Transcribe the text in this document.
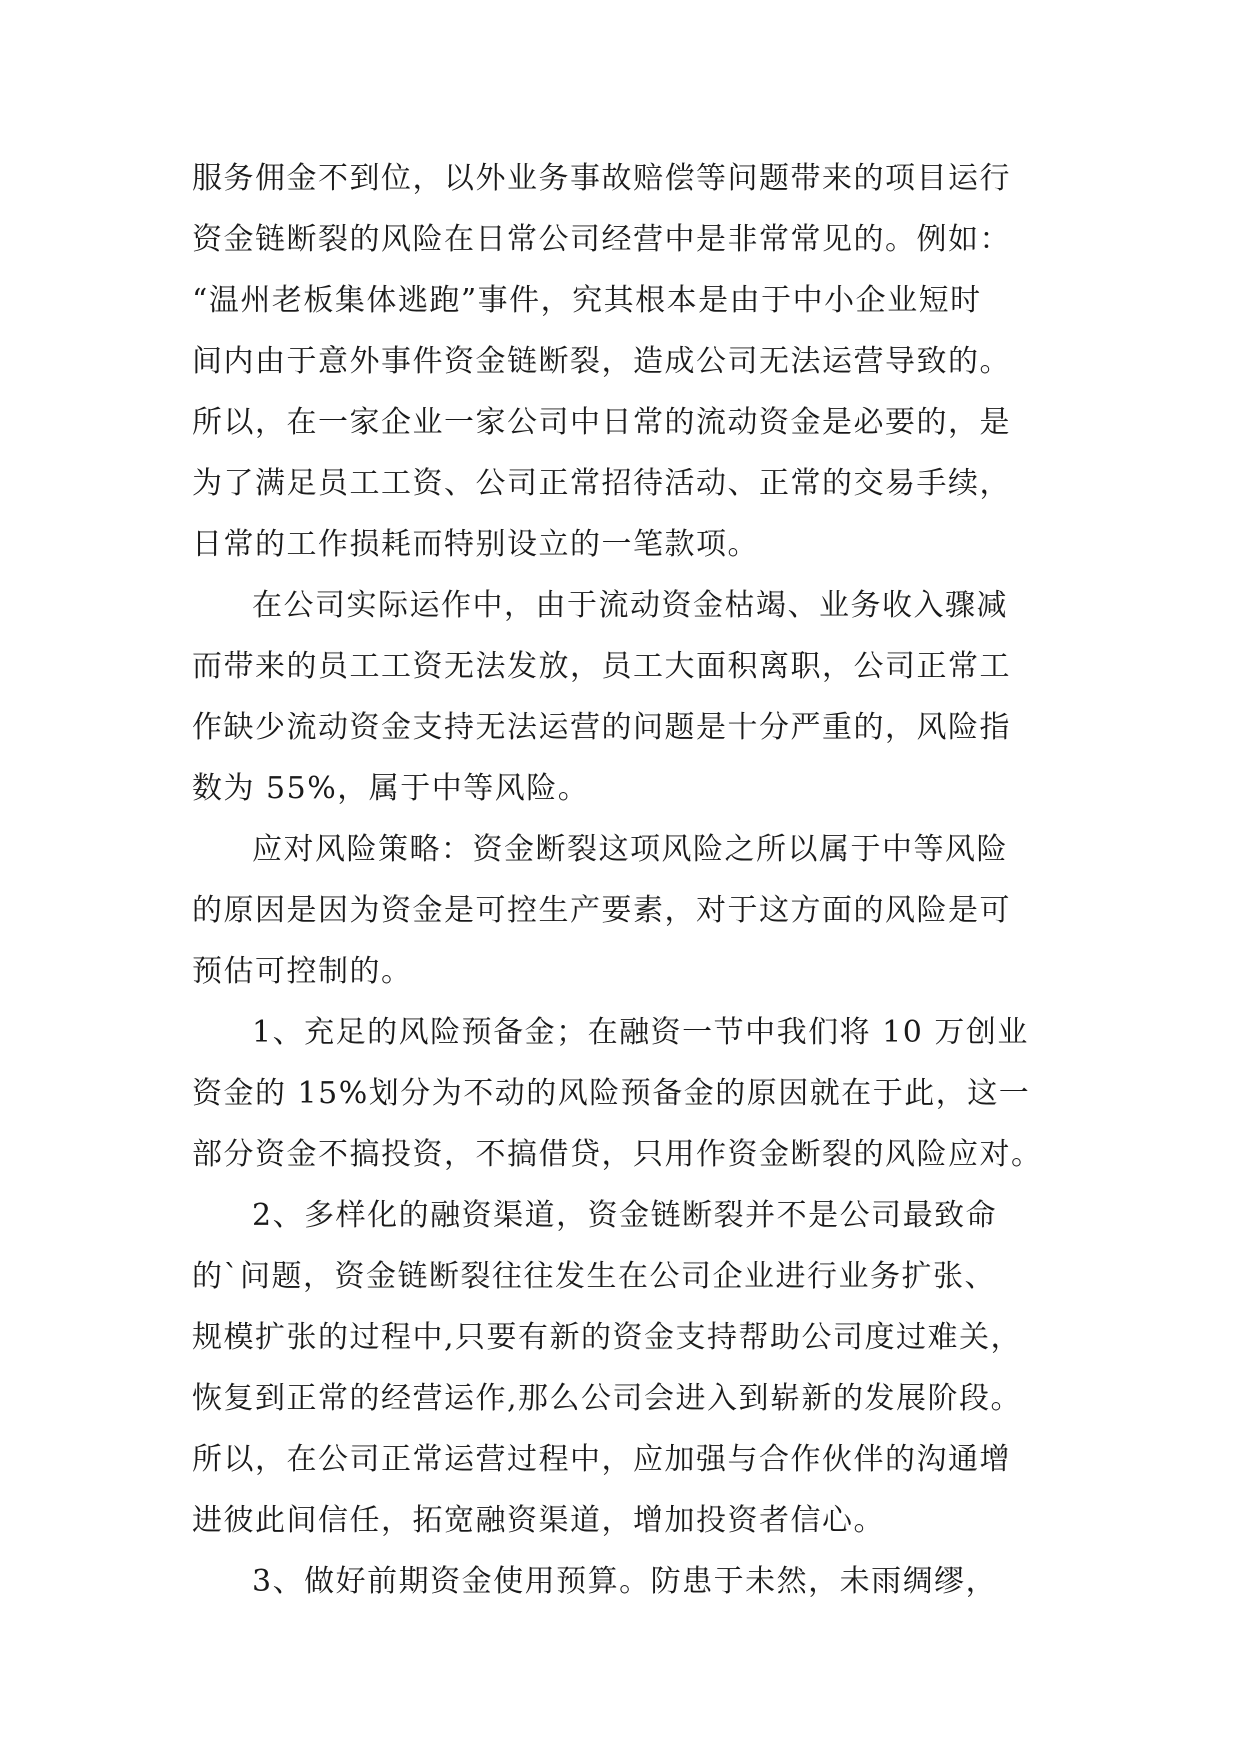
服务佣金不到位，以外业务事故赔偿等问题带来的项目运行
资金链断裂的风险在日常公司经营中是非常常见的。例如：
“温州老板集体逃跑”事件，究其根本是由于中小企业短时
间内由于意外事件资金链断裂，造成公司无法运营导致的。
所以，在一家企业一家公司中日常的流动资金是必要的，是
为了满足员工工资、公司正常招待活动、正常的交易手续，
日常的工作损耗而特别设立的一笔款项。
在公司实际运作中，由于流动资金枯竭、业务收入骤减
而带来的员工工资无法发放，员工大面积离职，公司正常工
作缺少流动资金支持无法运营的问题是十分严重的，风险指
数为 55%，属于中等风险。
应对风险策略：资金断裂这项风险之所以属于中等风险
的原因是因为资金是可控生产要素，对于这方面的风险是可
预估可控制的。
1、充足的风险预备金；在融资一节中我们将 10 万创业
资金的 15%划分为不动的风险预备金的原因就在于此，这一
部分资金不搞投资，不搞借贷，只用作资金断裂的风险应对。
2、多样化的融资渠道，资金链断裂并不是公司最致命
的`问题，资金链断裂往往发生在公司企业进行业务扩张、
规模扩张的过程中,只要有新的资金支持帮助公司度过难关，
恢复到正常的经营运作,那么公司会进入到崭新的发展阶段。
所以，在公司正常运营过程中，应加强与合作伙伴的沟通增
进彼此间信任，拓宽融资渠道，增加投资者信心。
3、做好前期资金使用预算。防患于未然，未雨绸缪，
